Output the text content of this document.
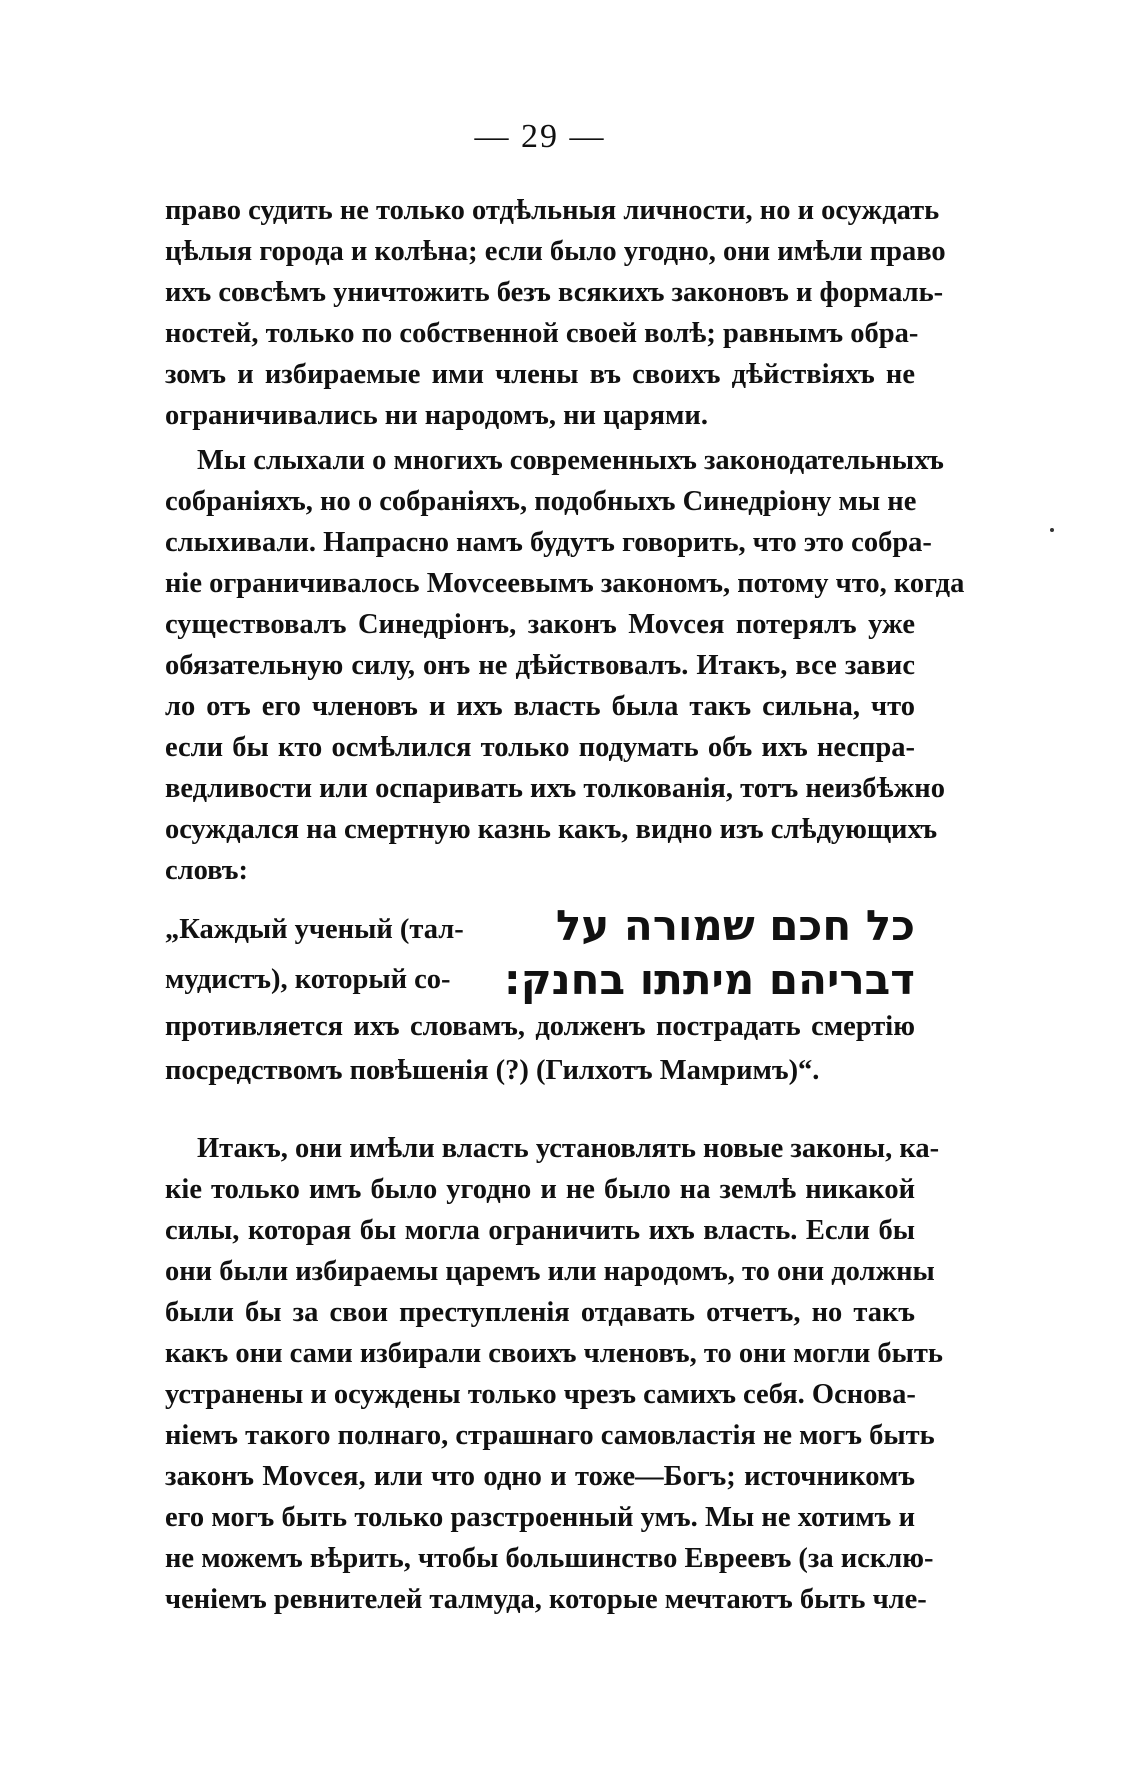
— 29 —
право судить не только отдѣльныя личности, но и осуждать
цѣлыя города и колѣна; если было угодно, они имѣли право
ихъ совсѣмъ уничтожить безъ всякихъ законовъ и формаль-
ностей, только по собственной своей волѣ; равнымъ обра-
зомъ и избираемые ими члены въ своихъ дѣйствіяхъ не
ограничивались ни народомъ, ни царями.
Мы слыхали о многихъ современныхъ законодательныхъ
собраніяхъ, но о собраніяхъ, подобныхъ Синедріону мы не
слыхивали. Напрасно намъ будутъ говорить, что это собра-
ніе ограничивалось Моvсеевымъ закономъ, потому что, когда
существовалъ Синедріонъ, законъ Моvсея потерялъ уже
обязательную силу, онъ не дѣйствовалъ. Итакъ, все завис
ло отъ его членовъ и ихъ власть была такъ сильна, что
если бы кто осмѣлился только подумать объ ихъ неспра-
ведливости или оспаривать ихъ толкованія, тотъ неизбѣжно
осуждался на смертную казнь какъ, видно изъ слѣдующихъ
словъ:
„Каждый ученый (тал-
мудистъ), который со-
כל חכם שמורה על
דבריהם מיתתו בחנק:
противляется ихъ словамъ, долженъ пострадать смертію
посредствомъ повѣшенія (?) (Гилхотъ Мамримъ)“.
Итакъ, они имѣли власть установлять новые законы, ка-
кіе только имъ было угодно и не было на землѣ никакой
силы, которая бы могла ограничить ихъ власть. Если бы
они были избираемы царемъ или народомъ, то они должны
были бы за свои преступленія отдавать отчетъ, но такъ
какъ они сами избирали своихъ членовъ, то они могли быть
устранены и осуждены только чрезъ самихъ себя. Основа-
ніемъ такого полнаго, страшнаго самовластія не могъ быть
законъ Моvсея, или что одно и тоже—Богъ; источникомъ
его могъ быть только разстроенный умъ. Мы не хотимъ и
не можемъ вѣрить, чтобы большинство Евреевъ (за исклю-
ченіемъ ревнителей талмуда, которые мечтаютъ быть чле-
